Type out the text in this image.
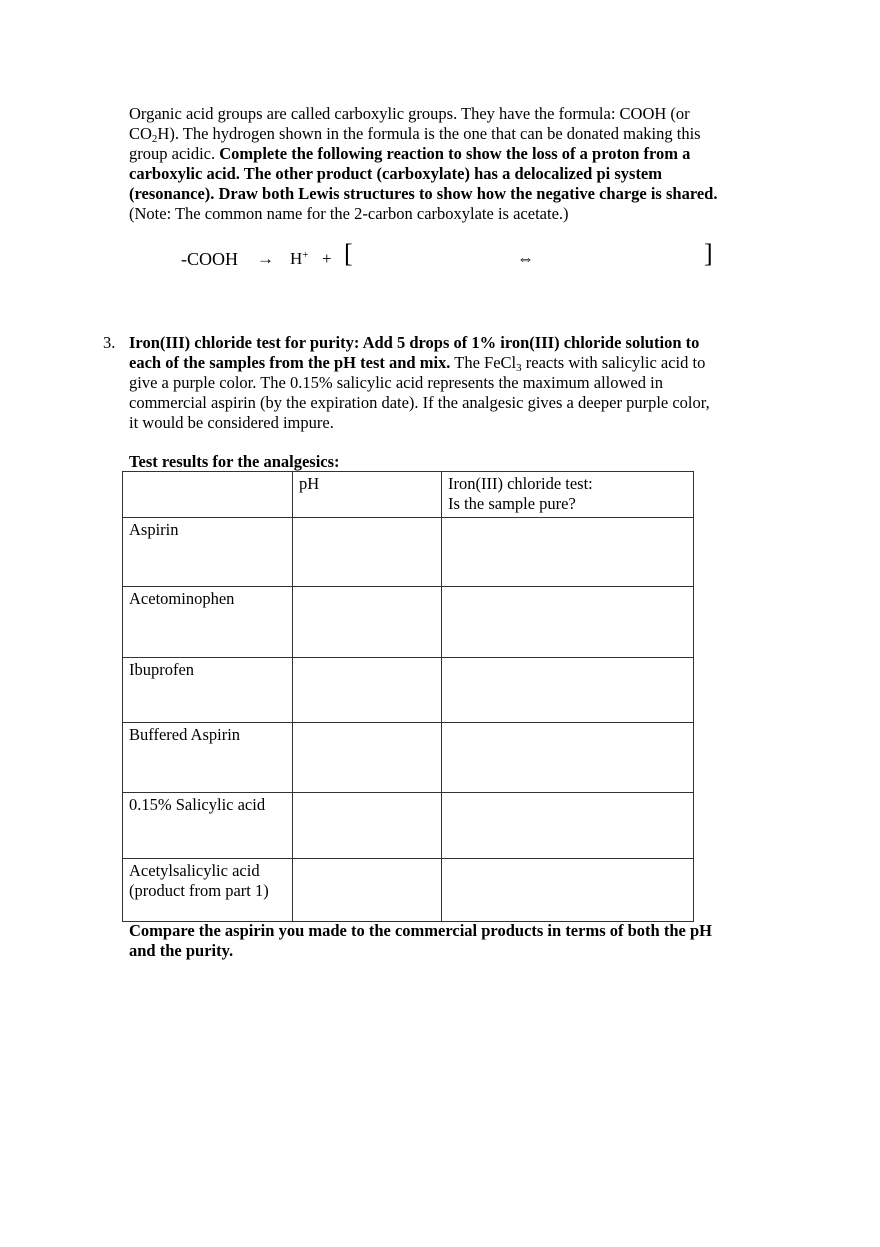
Organic acid groups are called carboxylic groups. They have the formula: COOH (or
$CO_2H$). The hydrogen shown in the formula is the one that can be donated making this
group acidic. Complete the following reaction to show the loss of a proton from a
carboxylic acid. The other product (carboxylate) has a delocalized pi system
(resonance). Draw both Lewis structures to show how the negative charge is shared.
(Note: The common name for the 2-carbon carboxylate is acetate.)
-COOH → H+ + [	⇔	]
3. Iron(III) chloride test for purity: Add 5 drops of 1% iron(III) chloride solution to
each of the samples from the pH test and mix. The FeCl$_3$ reacts with salicylic acid to
give a purple color. The 0.15% salicylic acid represents the maximum allowed in
commercial aspirin (by the expiration date). If the analgesic gives a deeper purple color,
it would be considered impure.
Test results for the analgesics:

	pH	Iron(III) chloride test:
Is the sample pure?

Aspirin		

Acetominophen		

Ibuprofen		

Buffered Aspirin		

0.15% Salicylic acid		

Acetylsalicylic acid
(product from part 1)		

Compare the aspirin you made to the commercial products in terms of both the pH
and the purity.
